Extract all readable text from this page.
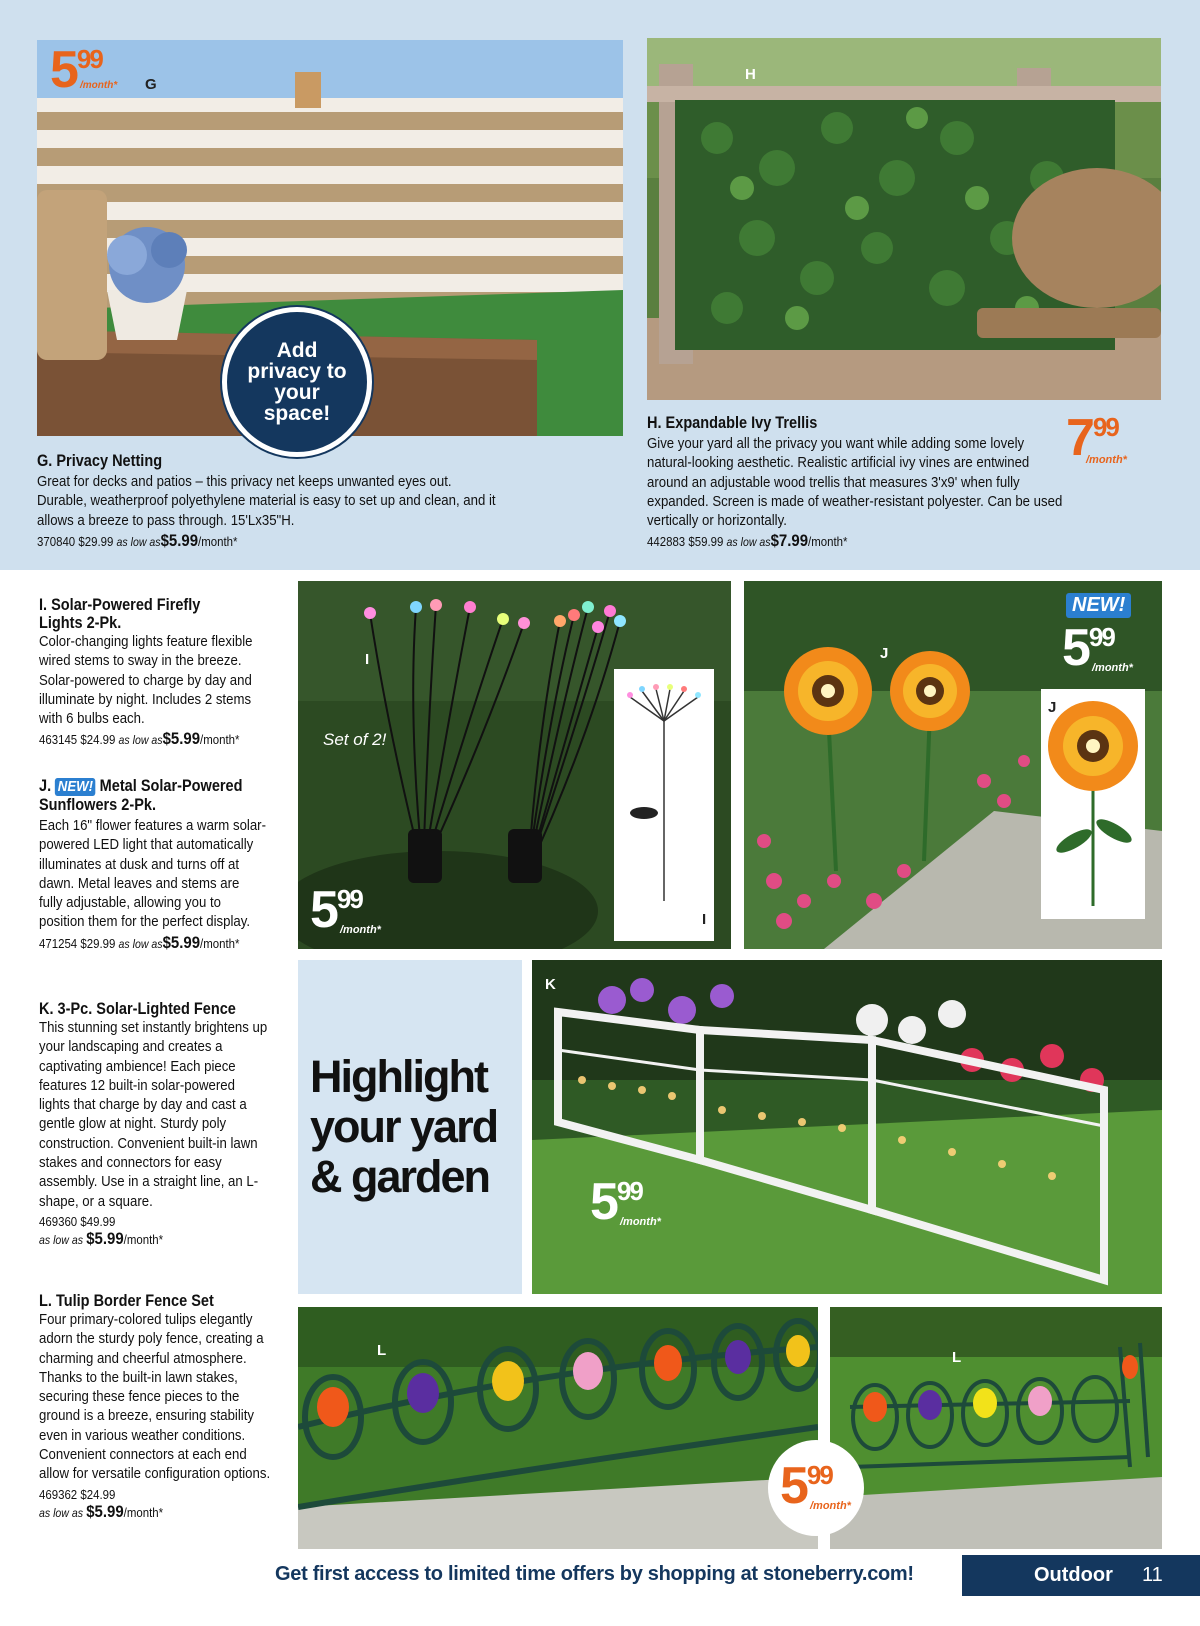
599
/month* G
Add privacy to your space!
G. Privacy Netting
Great for decks and patios – this privacy net keeps unwanted eyes out. Durable, weatherproof polyethylene material is easy to set up and clean, and it allows a breeze to pass through. 15'Lx35"H.
370840 $29.99 as low as$5.99/month*
H
H. Expandable Ivy Trellis
Give your yard all the privacy you want while adding some lovely natural-looking aesthetic. Realistic artificial ivy vines are entwined around an adjustable wood trellis that measures 3'x9' when fully expanded. Screen is made of weather-resistant polyester. Can be used vertically or horizontally.
442883 $59.99 as low as$7.99/month*
799
/month*
I. Solar-Powered Firefly Lights 2-Pk.
Color-changing lights feature flexible wired stems to sway in the breeze. Solar-powered to charge by day and illuminate by night. Includes 2 stems with 6 bulbs each.
463145 $24.99 as low as$5.99/month*
J. NEW! Metal Solar-Powered Sunflowers 2-Pk.
Each 16" flower features a warm solar-powered LED light that automatically illuminates at dusk and turns off at dawn. Metal leaves and stems are fully adjustable, allowing you to position them for the perfect display.
471254 $29.99 as low as$5.99/month*
K. 3-Pc. Solar-Lighted Fence
This stunning set instantly brightens up your landscaping and creates a captivating ambience! Each piece features 12 built-in solar-powered lights that charge by day and cast a gentle glow at night. Sturdy poly construction. Convenient built-in lawn stakes and connectors for easy assembly. Use in a straight line, an L-shape, or a square.
469360 $49.99
as low as $5.99/month*
L. Tulip Border Fence Set
Four primary-colored tulips elegantly adorn the sturdy poly fence, creating a charming and cheerful atmosphere. Thanks to the built-in lawn stakes, securing these fence pieces to the ground is a breeze, ensuring stability even in various weather conditions. Convenient connectors at each end allow for versatile configuration options.
469362 $24.99
as low as $5.99/month*
I
I
Set of 2!
599
/month*
J
J
NEW!
599
/month*
Highlight
your yard
& garden
K
599
/month*
L	L
599
/month*
Get first access to limited time offers by shopping at stoneberry.com!	Outdoor 11
